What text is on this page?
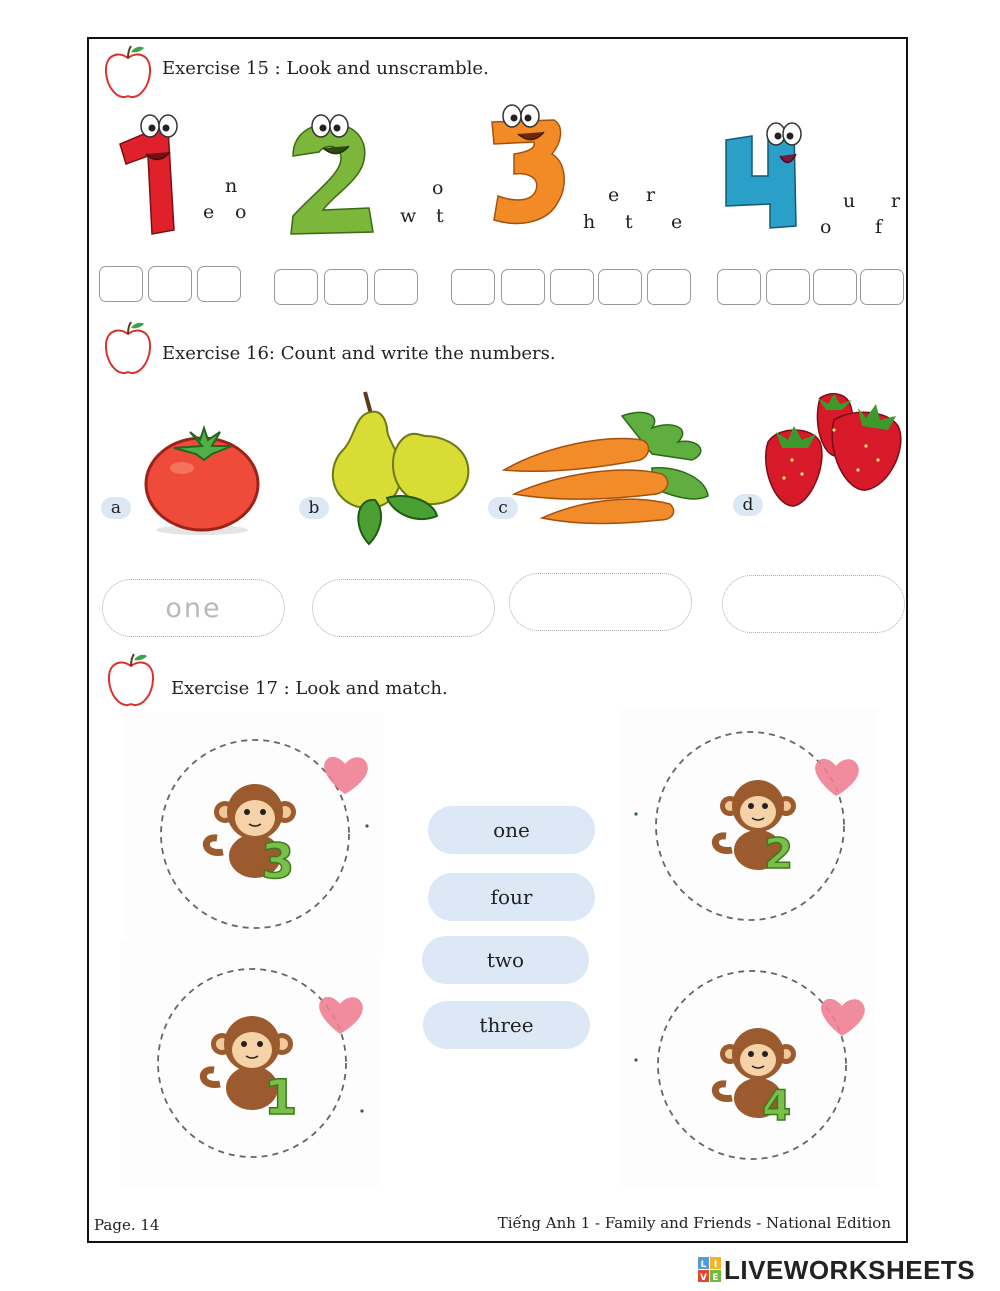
Exercise 15 : Look and unscramble.
n
e o
o
w t
e r
h t e
u r
o f
Exercise 16: Count and write the numbers.
a	b	c	d
one
Exercise 17 : Look and match.
one
four
two
three
3	2
1	4
Page. 14	Tiếng Anh 1 - Family and Friends - National Edition
L I
V E LIVEWORKSHEETS
